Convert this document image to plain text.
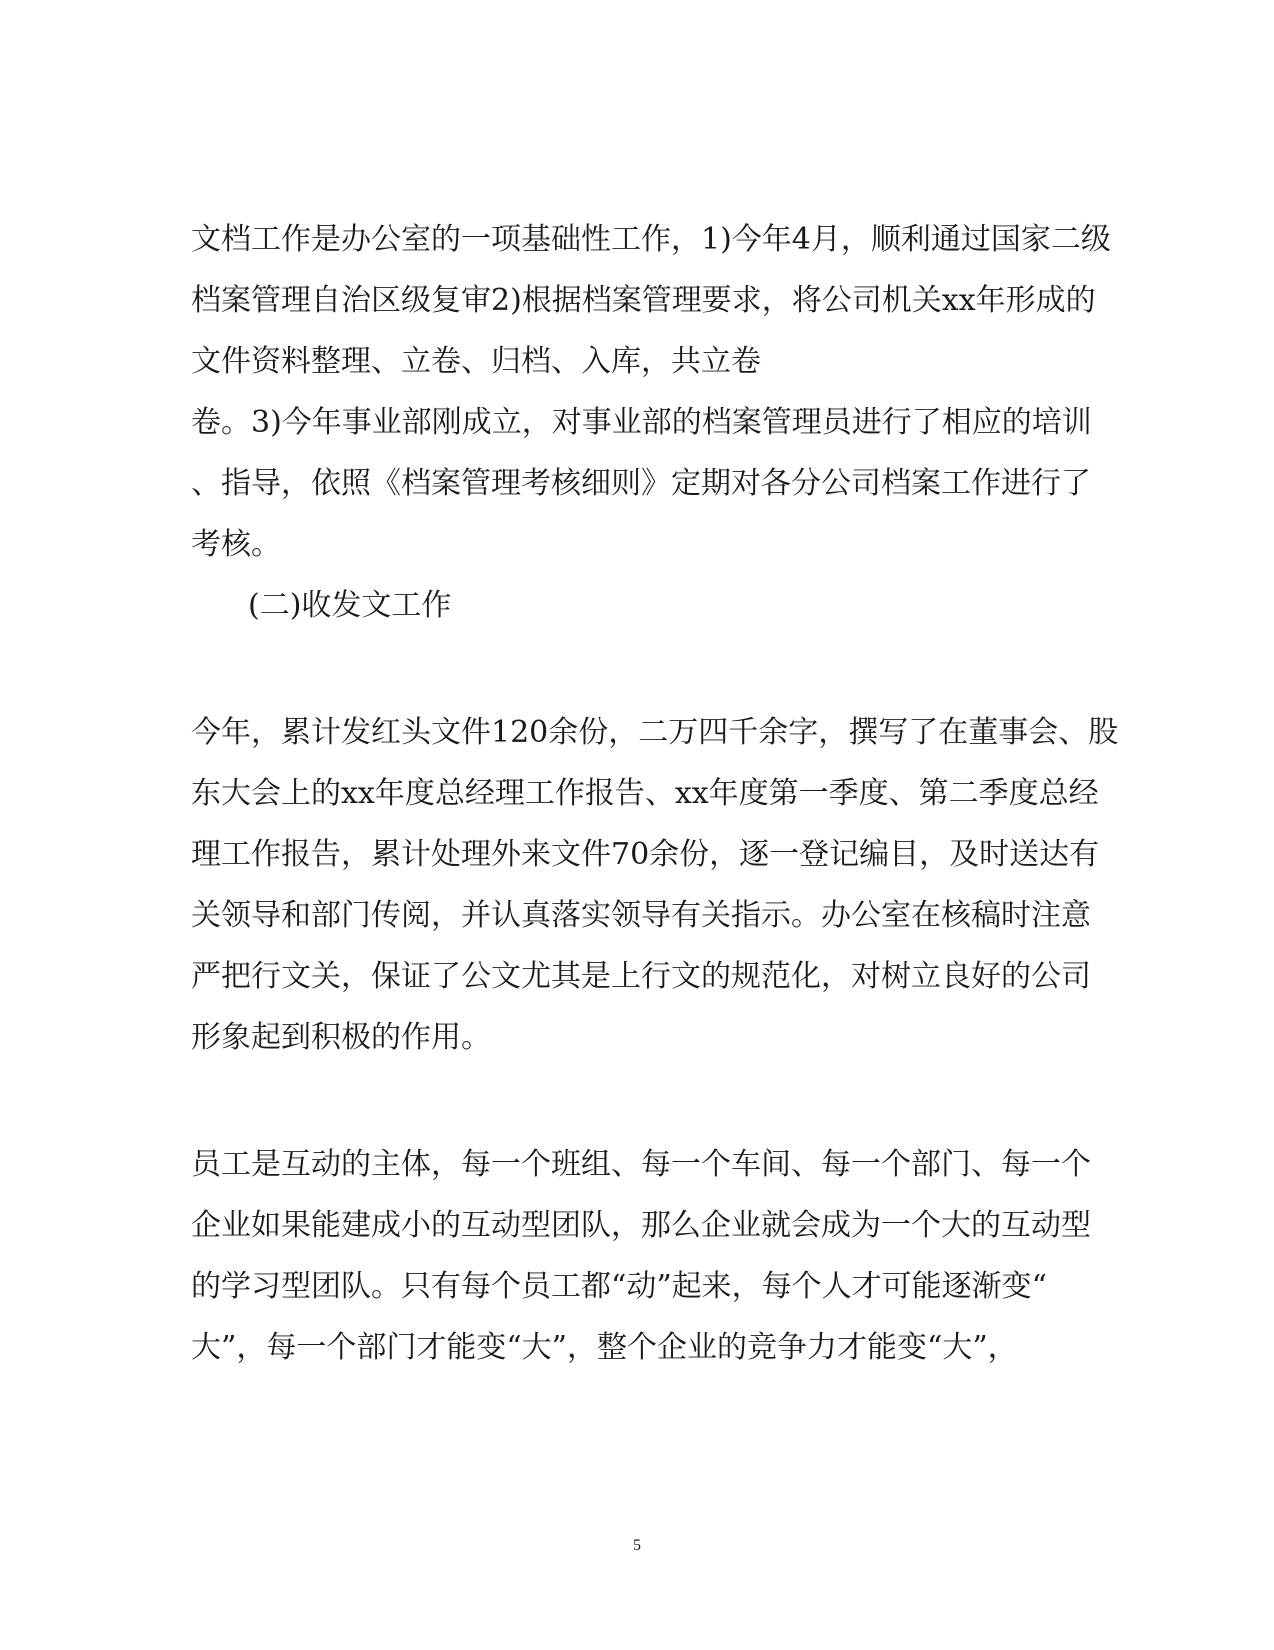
文档工作是办公室的一项基础性工作，1)今年4月，顺利通过国家二级
档案管理自治区级复审2)根据档案管理要求，将公司机关xx年形成的
文件资料整理、立卷、归档、入库，共立卷
卷。3)今年事业部刚成立，对事业部的档案管理员进行了相应的培训
、指导，依照《档案管理考核细则》定期对各分公司档案工作进行了
考核。
(二)收发文工作
今年，累计发红头文件120余份，二万四千余字，撰写了在董事会、股
东大会上的xx年度总经理工作报告、xx年度第一季度、第二季度总经
理工作报告，累计处理外来文件70余份，逐一登记编目，及时送达有
关领导和部门传阅，并认真落实领导有关指示。办公室在核稿时注意
严把行文关，保证了公文尤其是上行文的规范化，对树立良好的公司
形象起到积极的作用。
员工是互动的主体，每一个班组、每一个车间、每一个部门、每一个
企业如果能建成小的互动型团队，那么企业就会成为一个大的互动型
的学习型团队。只有每个员工都“动”起来，每个人才可能逐渐变“
大”，每一个部门才能变“大”，整个企业的竞争力才能变“大”，
5
